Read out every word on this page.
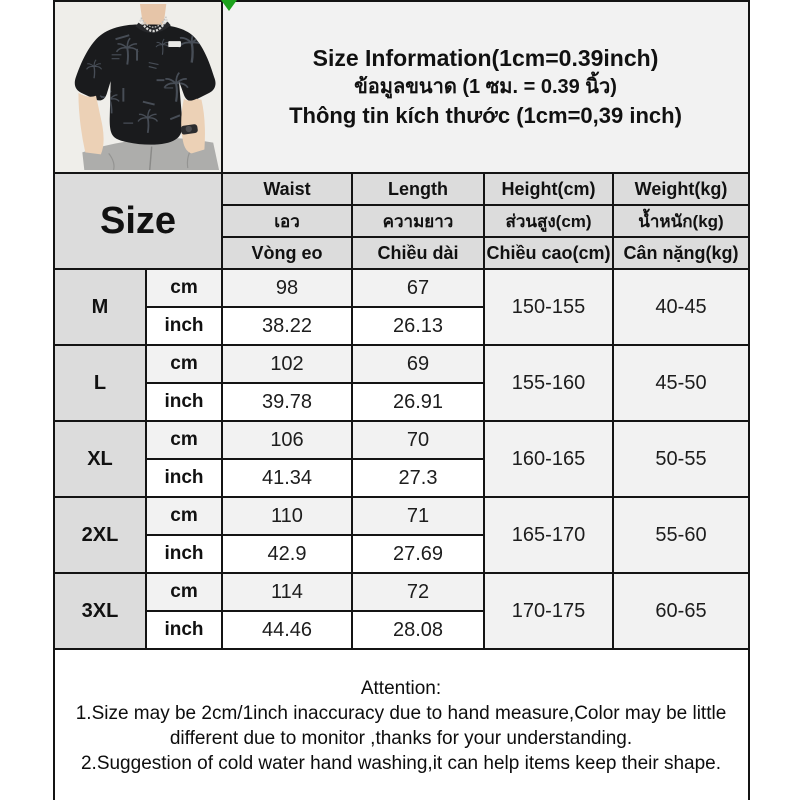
Size Information(1cm=0.39inch)
ข้อมูลขนาด (1 ซม. = 0.39 นิ้ว)
Thông tin kích thước (1cm=0,39 inch)			

Size		Waist	Length	Height(cm)	Weight(kg)
		เอว	ความยาว	ส่วนสูง(cm)	น้ำหนัก(kg)
		Vòng eo	Chiều dài	Chiều cao(cm)	Cân nặng(kg)
M	cm	98	67	150-155	40-45
	inch	38.22	26.13		
L	cm	102	69	155-160	45-50
	inch	39.78	26.91		
XL	cm	106	70	160-165	50-55
	inch	41.34	27.3		
2XL	cm	110	71	165-170	55-60
	inch	42.9	27.69		
3XL	cm	114	72	170-175	60-65
	inch	44.46	28.08		

Attention:
1.Size may be 2cm/1inch inaccuracy due to hand measure,Color may be little different due to monitor ,thanks for your understanding.
2.Suggestion of cold water hand washing,it can help items keep their shape.					
